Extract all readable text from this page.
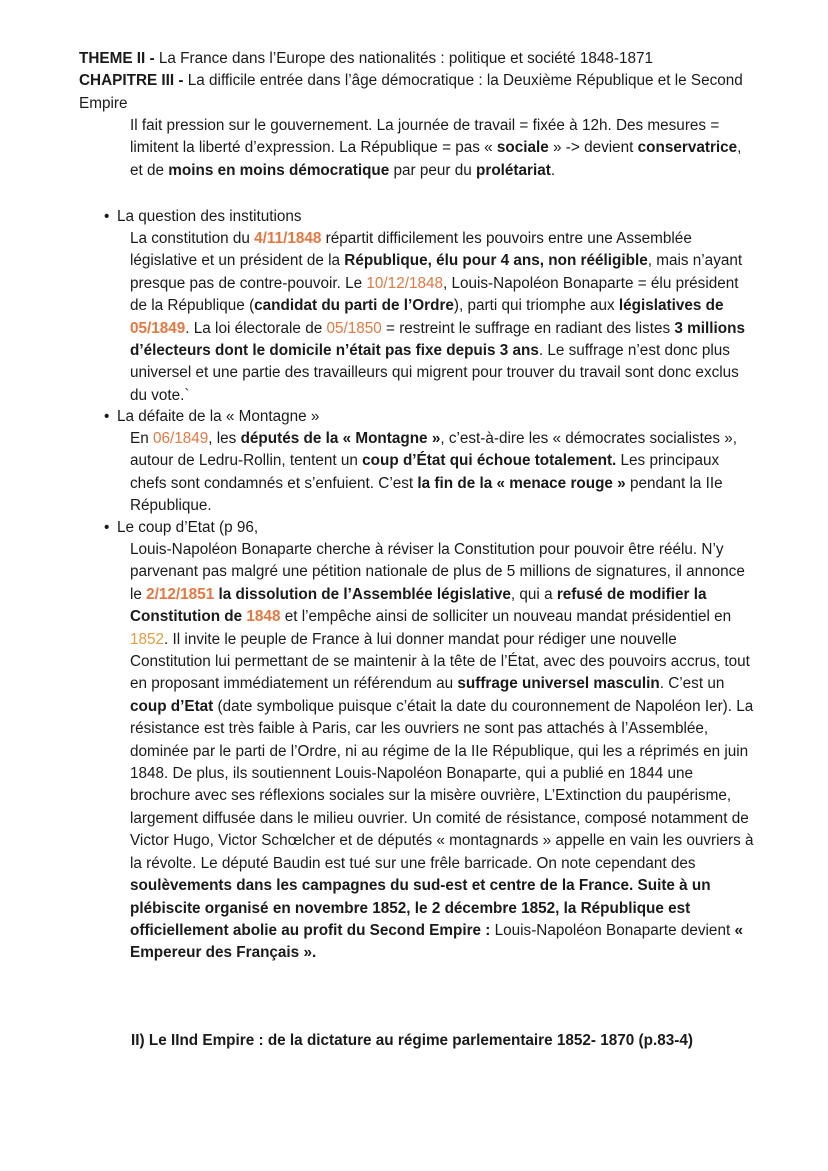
THEME II - La France dans l’Europe des nationalités : politique et société 1848-1871

CHAPITRE III - La difficile entrée dans l’âge démocratique : la Deuxième République et le Second Empire

Il fait pression sur le gouvernement. La journée de travail = fixée à 12h. Des mesures = limitent la liberté d’expression. La République = pas « sociale » -> devient conservatrice, et de moins en moins démocratique par peur du prolétariat.

• La question des institutions

La constitution du 4/11/1848 répartit difficilement les pouvoirs entre une Assemblée législative et un président de la République, élu pour 4 ans, non rééligible, mais n’ayant presque pas de contre-pouvoir. Le 10/12/1848, Louis-Napoléon Bonaparte = élu président de la République (candidat du parti de l’Ordre), parti qui triomphe aux législatives de 05/1849. La loi électorale de 05/1850 = restreint le suffrage en radiant des listes 3 millions d’électeurs dont le domicile n’était pas fixe depuis 3 ans. Le suffrage n’est donc plus universel et une partie des travailleurs qui migrent pour trouver du travail sont donc exclus du vote.`

• La défaite de la « Montagne »

En 06/1849, les députés de la « Montagne », c’est-à-dire les « démocrates socialistes », autour de Ledru-Rollin, tentent un coup d’État qui échoue totalement. Les principaux chefs sont condamnés et s’enfuient. C’est la fin de la « menace rouge » pendant la IIe République.

• Le coup d’Etat (p 96,

Louis-Napoléon Bonaparte cherche à réviser la Constitution pour pouvoir être réélu. N’y parvenant pas malgré une pétition nationale de plus de 5 millions de signatures, il annonce le 2/12/1851 la dissolution de l’Assemblée législative, qui a refusé de modifier la Constitution de 1848 et l’empêche ainsi de solliciter un nouveau mandat présidentiel en 1852. Il invite le peuple de France à lui donner mandat pour rédiger une nouvelle Constitution lui permettant de se maintenir à la tête de l’État, avec des pouvoirs accrus, tout en proposant immédiatement un référendum au suffrage universel masculin. C’est un coup d’Etat (date symbolique puisque c’était la date du couronnement de Napoléon Ier). La résistance est très faible à Paris, car les ouvriers ne sont pas attachés à l’Assemblée, dominée par le parti de l’Ordre, ni au régime de la IIe République, qui les a réprimés en juin 1848. De plus, ils soutiennent Louis-Napoléon Bonaparte, qui a publié en 1844 une brochure avec ses réflexions sociales sur la misère ouvrière, L’Extinction du paupérisme, largement diffusée dans le milieu ouvrier. Un comité de résistance, composé notamment de Victor Hugo, Victor Schœlcher et de députés « montagnards » appelle en vain les ouvriers à la révolte. Le député Baudin est tué sur une frêle barricade. On note cependant des soulèvements dans les campagnes du sud-est et centre de la France. Suite à un plébiscite organisé en novembre 1852, le 2 décembre 1852, la République est officiellement abolie au profit du Second Empire : Louis-Napoléon Bonaparte devient « Empereur des Français ».

II) Le IInd Empire : de la dictature au régime parlementaire 1852- 1870 (p.83-4)
